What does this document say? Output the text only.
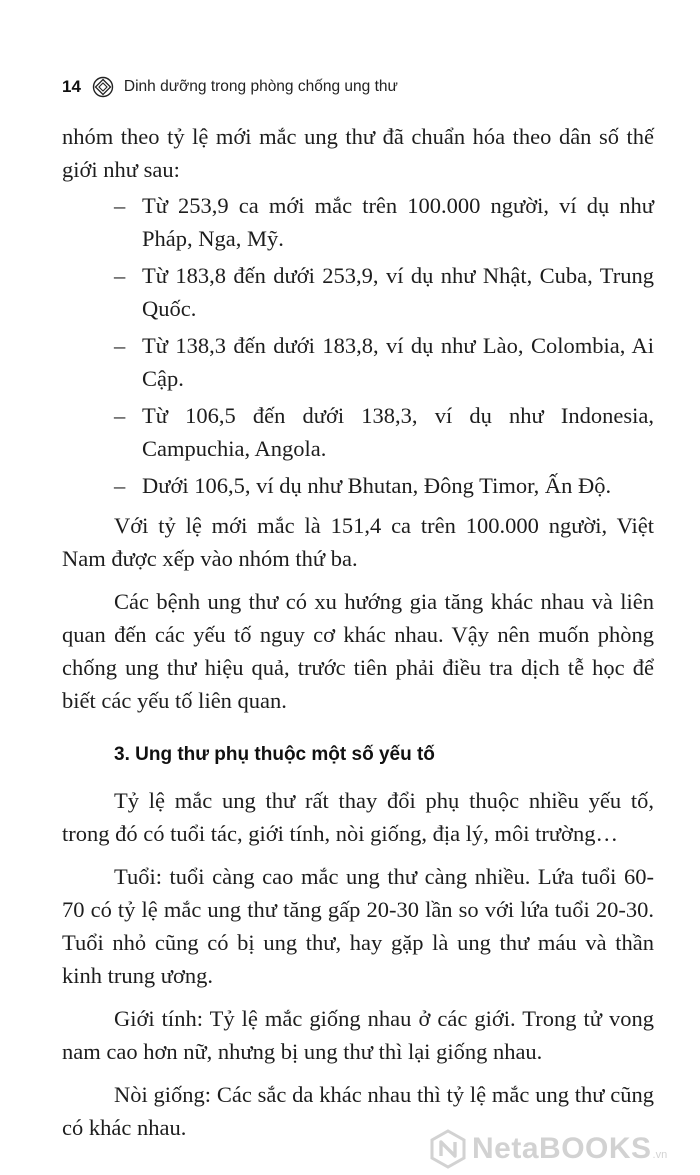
14	Dinh dưỡng trong phòng chống ung thư

nhóm theo tỷ lệ mới mắc ung thư đã chuẩn hóa theo dân số thế giới như sau:

– Từ 253,9 ca mới mắc trên 100.000 người, ví dụ như Pháp, Nga, Mỹ.
– Từ 183,8 đến dưới 253,9, ví dụ như Nhật, Cuba, Trung Quốc.
– Từ 138,3 đến dưới 183,8, ví dụ như Lào, Colombia, Ai Cập.
– Từ 106,5 đến dưới 138,3, ví dụ như Indonesia, Campuchia, Angola.
– Dưới 106,5, ví dụ như Bhutan, Đông Timor, Ấn Độ.

Với tỷ lệ mới mắc là 151,4 ca trên 100.000 người, Việt Nam được xếp vào nhóm thứ ba.

Các bệnh ung thư có xu hướng gia tăng khác nhau và liên quan đến các yếu tố nguy cơ khác nhau. Vậy nên muốn phòng chống ung thư hiệu quả, trước tiên phải điều tra dịch tễ học để biết các yếu tố liên quan.

3. Ung thư phụ thuộc một số yếu tố

Tỷ lệ mắc ung thư rất thay đổi phụ thuộc nhiều yếu tố, trong đó có tuổi tác, giới tính, nòi giống, địa lý, môi trường…

Tuổi: tuổi càng cao mắc ung thư càng nhiều. Lứa tuổi 60-70 có tỷ lệ mắc ung thư tăng gấp 20-30 lần so với lứa tuổi 20-30. Tuổi nhỏ cũng có bị ung thư, hay gặp là ung thư máu và thần kinh trung ương.

Giới tính: Tỷ lệ mắc giống nhau ở các giới. Trong tử vong nam cao hơn nữ, nhưng bị ung thư thì lại giống nhau.

Nòi giống: Các sắc da khác nhau thì tỷ lệ mắc ung thư cũng có khác nhau.

NetaBOOKS .vn
